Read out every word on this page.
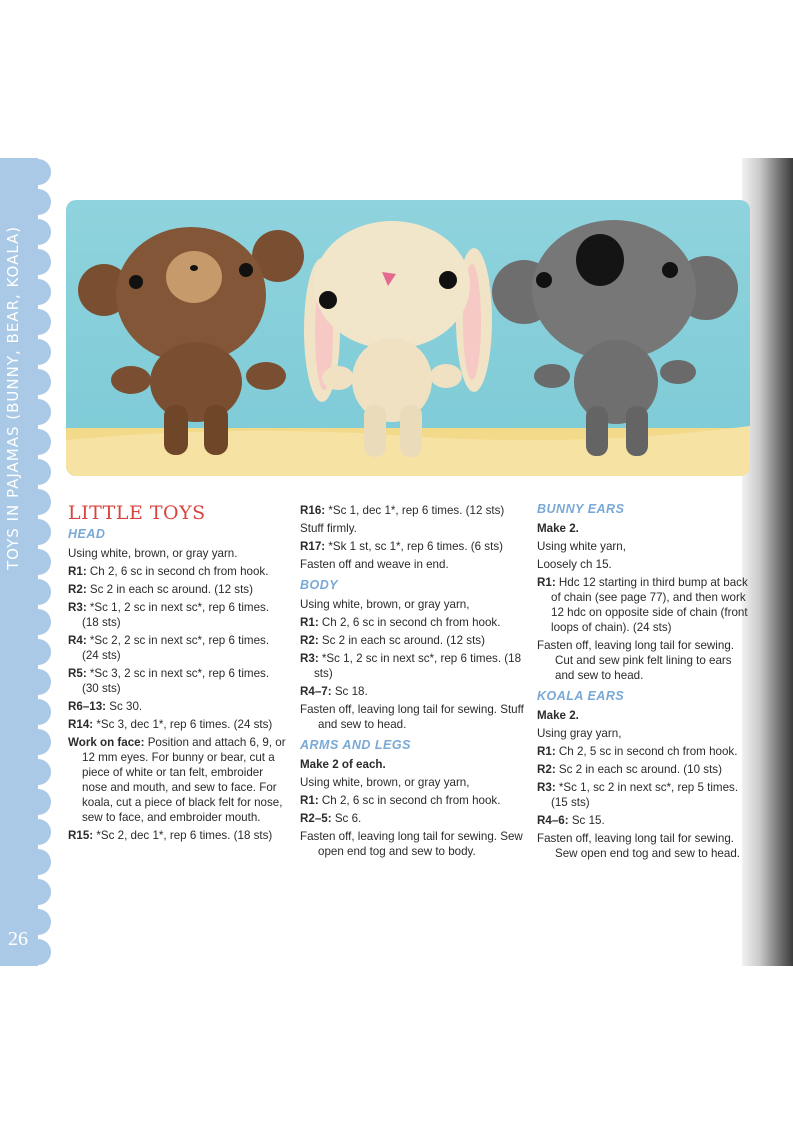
TOYS IN PAJAMAS (BUNNY, BEAR, KOALA)
26
LITTLE TOYS
HEAD
Using white, brown, or gray yarn.
R1: Ch 2, 6 sc in second ch from hook.
R2: Sc 2 in each sc around. (12 sts)
R3: *Sc 1, 2 sc in next sc*, rep 6 times. (18 sts)
R4: *Sc 2, 2 sc in next sc*, rep 6 times. (24 sts)
R5: *Sc 3, 2 sc in next sc*, rep 6 times. (30 sts)
R6–13: Sc 30.
R14: *Sc 3, dec 1*, rep 6 times. (24 sts)
Work on face: Position and attach 6, 9, or 12 mm eyes. For bunny or bear, cut a piece of white or tan felt, embroider nose and mouth, and sew to face. For koala, cut a piece of black felt for nose, sew to face, and embroider mouth.
R15: *Sc 2, dec 1*, rep 6 times. (18 sts)
R16: *Sc 1, dec 1*, rep 6 times. (12 sts)
Stuff firmly.
R17: *Sk 1 st, sc 1*, rep 6 times. (6 sts)
Fasten off and weave in end.
BODY
Using white, brown, or gray yarn,
R1: Ch 2, 6 sc in second ch from hook.
R2: Sc 2 in each sc around. (12 sts)
R3: *Sc 1, 2 sc in next sc*, rep 6 times. (18 sts)
R4–7: Sc 18.
Fasten off, leaving long tail for sewing. Stuff and sew to head.
ARMS AND LEGS
Make 2 of each.
Using white, brown, or gray yarn,
R1: Ch 2, 6 sc in second ch from hook.
R2–5: Sc 6.
Fasten off, leaving long tail for sewing. Sew open end tog and sew to body.
BUNNY EARS
Make 2.
Using white yarn,
Loosely ch 15.
R1: Hdc 12 starting in third bump at back of chain (see page 77), and then work 12 hdc on opposite side of chain (front loops of chain). (24 sts)
Fasten off, leaving long tail for sewing. Cut and sew pink felt lining to ears and sew to head.
KOALA EARS
Make 2.
Using gray yarn,
R1: Ch 2, 5 sc in second ch from hook.
R2: Sc 2 in each sc around. (10 sts)
R3: *Sc 1, sc 2 in next sc*, rep 5 times. (15 sts)
R4–6: Sc 15.
Fasten off, leaving long tail for sewing. Sew open end tog and sew to head.
